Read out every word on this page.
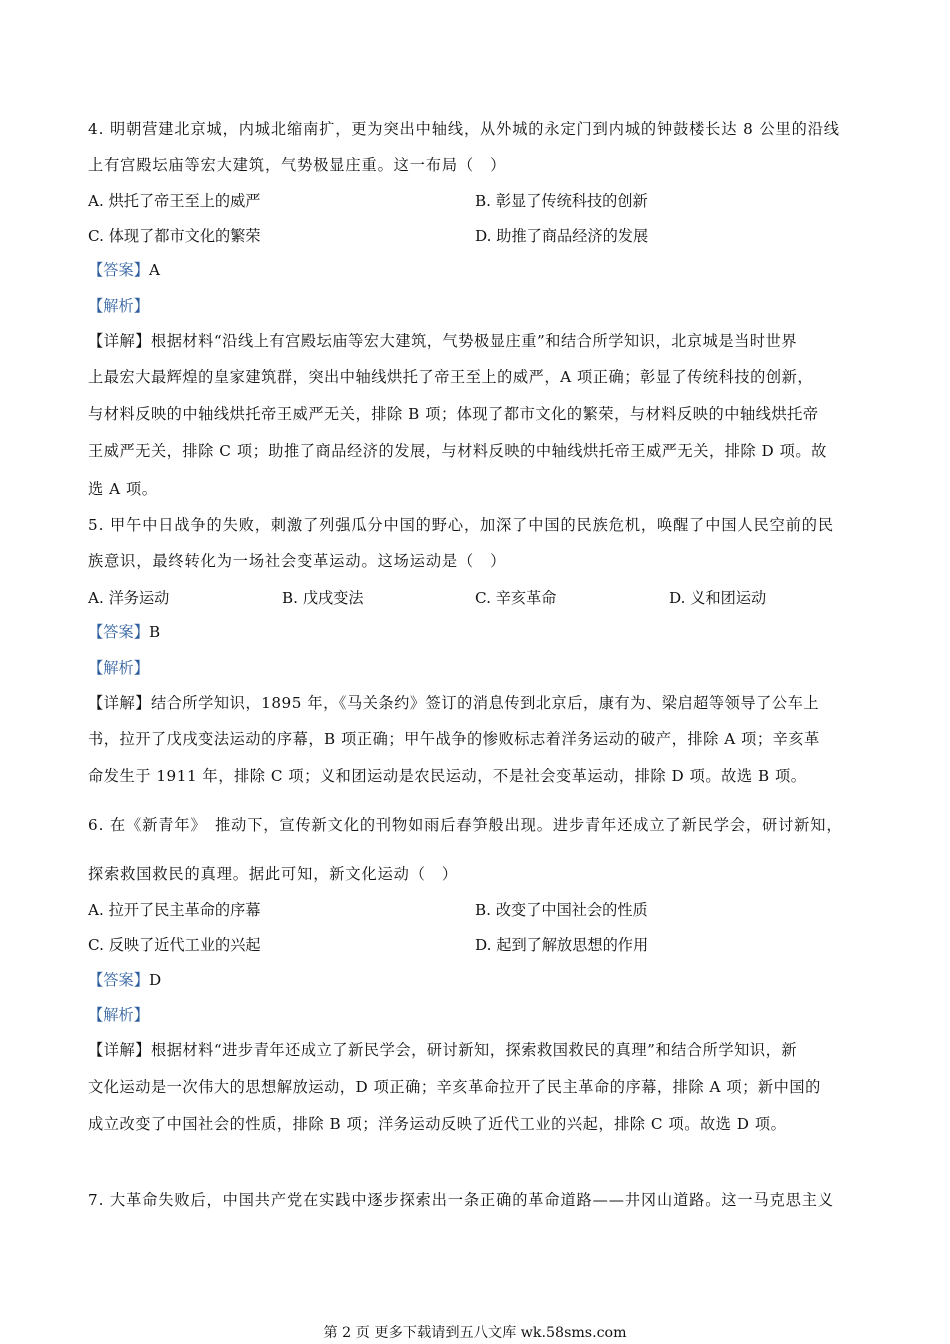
4. 明朝营建北京城，内城北缩南扩，更为突出中轴线，从外城的永定门到内城的钟鼓楼长达 8 公里的沿线
上有宫殿坛庙等宏大建筑，气势极显庄重。这一布局（　）
A. 烘托了帝王至上的威严	B. 彰显了传统科技的创新
C. 体现了都市文化的繁荣	D. 助推了商品经济的发展
【答案】A
【解析】
【详解】根据材料“沿线上有宫殿坛庙等宏大建筑，气势极显庄重”和结合所学知识，北京城是当时世界
上最宏大最辉煌的皇家建筑群，突出中轴线烘托了帝王至上的威严，A 项正确；彰显了传统科技的创新，
与材料反映的中轴线烘托帝王威严无关，排除 B 项；体现了都市文化的繁荣，与材料反映的中轴线烘托帝
王威严无关，排除 C 项；助推了商品经济的发展，与材料反映的中轴线烘托帝王威严无关，排除 D 项。故
选 A 项。
5. 甲午中日战争的失败，刺激了列强瓜分中国的野心，加深了中国的民族危机，唤醒了中国人民空前的民
族意识，最终转化为一场社会变革运动。这场运动是（　）
A. 洋务运动	B. 戊戌变法	C. 辛亥革命	D. 义和团运动
【答案】B
【解析】
【详解】结合所学知识，1895 年，《马关条约》签订的消息传到北京后，康有为、梁启超等领导了公车上
书，拉开了戊戌变法运动的序幕，B 项正确；甲午战争的惨败标志着洋务运动的破产，排除 A 项；辛亥革
命发生于 1911 年，排除 C 项；义和团运动是农民运动，不是社会变革运动，排除 D 项。故选 B 项。
6. 在《新青年》　推动下，宣传新文化的刊物如雨后春笋般出现。进步青年还成立了新民学会，研讨新知，
探索救国救民的真理。据此可知，新文化运动（　）
A. 拉开了民主革命的序幕	B. 改变了中国社会的性质
C. 反映了近代工业的兴起	D. 起到了解放思想的作用
【答案】D
【解析】
【详解】根据材料“进步青年还成立了新民学会，研讨新知，探索救国救民的真理”和结合所学知识，新
文化运动是一次伟大的思想解放运动，D 项正确；辛亥革命拉开了民主革命的序幕，排除 A 项；新中国的
成立改变了中国社会的性质，排除 B 项；洋务运动反映了近代工业的兴起，排除 C 项。故选 D 项。
7. 大革命失败后，中国共产党在实践中逐步探索出一条正确的革命道路——井冈山道路。这一马克思主义
第 2 页 更多下载请到五八文库 wk.58sms.com
